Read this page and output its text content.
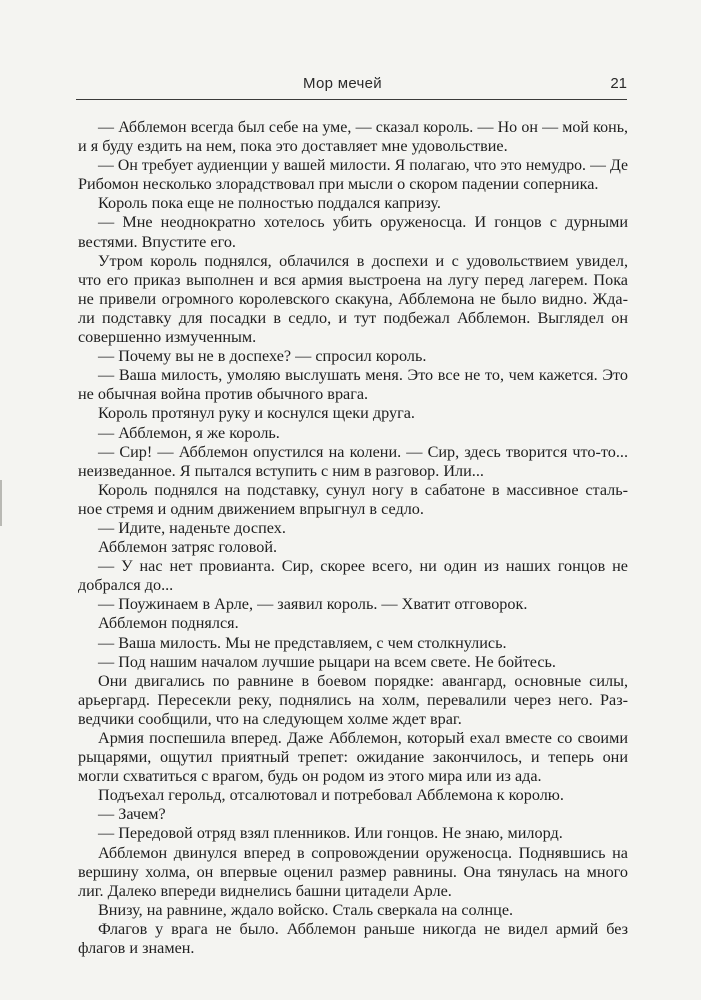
Мор мечей	21

— Абблемон всегда был себе на уме, — сказал король. — Но он — мой конь,

и я буду ездить на нем, пока это доставляет мне удовольствие.

— Он требует аудиенции у вашей милости. Я полагаю, что это немудро. — Де

Рибомон несколько злорадствовал при мысли о скором падении соперника.

Король пока еще не полностью поддался капризу.

— Мне неоднократно хотелось убить оруженосца. И гонцов с дурными

вестями. Впустите его.

Утром король поднялся, облачился в доспехи и с удовольствием увидел,

что его приказ выполнен и вся армия выстроена на лугу перед лагерем. Пока

не привели огромного королевского скакуна, Абблемона не было видно. Жда-

ли подставку для посадки в седло, и тут подбежал Абблемон. Выглядел он

совершенно измученным.

— Почему вы не в доспехе? — спросил король.

— Ваша милость, умоляю выслушать меня. Это все не то, чем кажется. Это

не обычная война против обычного врага.

Король протянул руку и коснулся щеки друга.

— Абблемон, я же король.

— Сир! — Абблемон опустился на колени. — Сир, здесь творится что-то...

неизведанное. Я пытался вступить с ним в разговор. Или...

Король поднялся на подставку, сунул ногу в сабатоне в массивное сталь-

ное стремя и одним движением впрыгнул в седло.

— Идите, наденьте доспех.

Абблемон затряс головой.

— У нас нет провианта. Сир, скорее всего, ни один из наших гонцов не

добрался до...

— Поужинаем в Арле, — заявил король. — Хватит отговорок.

Абблемон поднялся.

— Ваша милость. Мы не представляем, с чем столкнулись.

— Под нашим началом лучшие рыцари на всем свете. Не бойтесь.

Они двигались по равнине в боевом порядке: авангард, основные силы,

арьергард. Пересекли реку, поднялись на холм, перевалили через него. Раз-

ведчики сообщили, что на следующем холме ждет враг.

Армия поспешила вперед. Даже Абблемон, который ехал вместе со своими

рыцарями, ощутил приятный трепет: ожидание закончилось, и теперь они

могли схватиться с врагом, будь он родом из этого мира или из ада.

Подъехал герольд, отсалютовал и потребовал Абблемона к королю.

— Зачем?

— Передовой отряд взял пленников. Или гонцов. Не знаю, милорд.

Абблемон двинулся вперед в сопровождении оруженосца. Поднявшись на

вершину холма, он впервые оценил размер равнины. Она тянулась на много

лиг. Далеко впереди виднелись башни цитадели Арле.

Внизу, на равнине, ждало войско. Сталь сверкала на солнце.

Флагов у врага не было. Абблемон раньше никогда не видел армий без

флагов и знамен.
